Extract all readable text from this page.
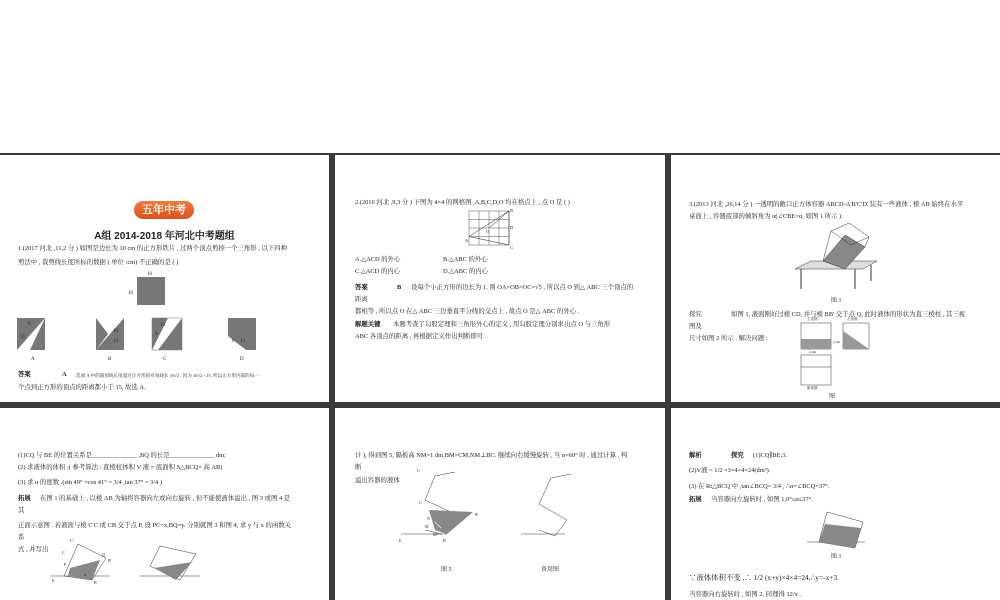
五年中考
A组 2014-2018 年河北中考题组
1.(2017 河北 ,11,2 分 ) 如图是边长为 10 cm 的正方形铁片 , 过两个顶点剪掉一个三角形 , 以下四种
剪法中 , 裁剪线长度所标的数据 ( 单位 :cm) 不正确的是 ( )
10
10
8
15
10
10
13
9
6 13
A	B	C	D
答案	A 选项 A 中的裁剪线长度超过正方形的对角线长 10√2 , 因为 10√2 <15, 所以正方形内部的每一
个点到正方形的顶点的距离都小于 15, 故选 A.
2.(2016 河北 ,9,3 分 ) 下图为 4×4 的网格图 ,A,B,C,D,O 均在格点上 , 点 O 是 ( )
A
B
C
D
O
A.△ACD 的外心	B.△ABC 的外心
C.△ACD 的内心	D.△ABC 的内心
答案	B 设每个小正方形的边长为 1, 则 OA=OB=OC=√5 , 所以点 O 到△ ABC 三个顶点的
距离
都相等 , 所以点 O 在△ ABC 三边垂直平分线的交点上 , 故点 O 是△ ABC 的外心 .
解题关键 本题考查了勾股定理和三角形外心的定义 , 用勾股定理分别求出点 O 与三角形
ABC 各顶点的距离 , 再根据定义作出判断即可 .
3.(2013 河北 ,26,14 分 ) 一透明的敞口正方体容器 ABCD-A'B'C'D' 装有一些液体 , 棱 AB 始终在水平
桌面上 , 容器底部的倾斜角为 α(∠CBE=α, 如图 1 所示 ).
图 1
探究	如图 1, 液面刚好过棱 CD, 并与棱 BB' 交于点 Q, 此时液体的形状为直三棱柱 , 其三视
图及
尺寸如图 2 所示 . 解决问题 :
主视图	左视图
俯视图
3 dm
4 dm
图
(1)CQ 与 BE 的位置关系是______________ ,BQ 的长是______________ dm;
(2) 求液体的体积 ;( 参考算法 : 直棱柱体积 V 液 = 底面积 S△BCQ× 高 AB)
(3) 求 α 的度数 .(sin 49° =cos 41° = 3/4 ,tan 37° = 3/4 )
拓展 在图 1 的基础上 , 以棱 AB 为轴将容器向左或向右旋转 , 但不能使液体溢出 , 图 3 或图 4 是
其
正面示意图 . 若液面与棱 C'C 或 CB 交于点 P, 设 PC=x,BQ=y. 分别就图 3 和图 4, 求 y 与 x 的函数关
系
式 , 并写出
C'
C
P
Q
B'
B
E
α
计 ), 得到图 5, 隔板高 NM=1 dm,BM=CM,NM⊥BC. 继续向右缓慢旋转 , 当 α=60° 时 , 通过计算 , 判
断
溢出容器的液体
C'
C
N
M
B'
B
E
60°
图 5	备用图
解析	探究 (1)CQ∥BE;3.
(2)V液 = 1/2 ×3×4×4=24(dm³).
(3) 在 Rt△BCQ 中 ,tan∠BCQ= 3/4 , ∴α=∠BCQ=37°.
拓展 当容器向左旋转时 , 如图 1,0°≤α≤37°.
图 1
∵液体体积不变 ,∴ 1/2 (x+y)×4×4=24,∴y=-x+3.
当容器向右旋转时 , 如图 2, 同理得 12/x .
